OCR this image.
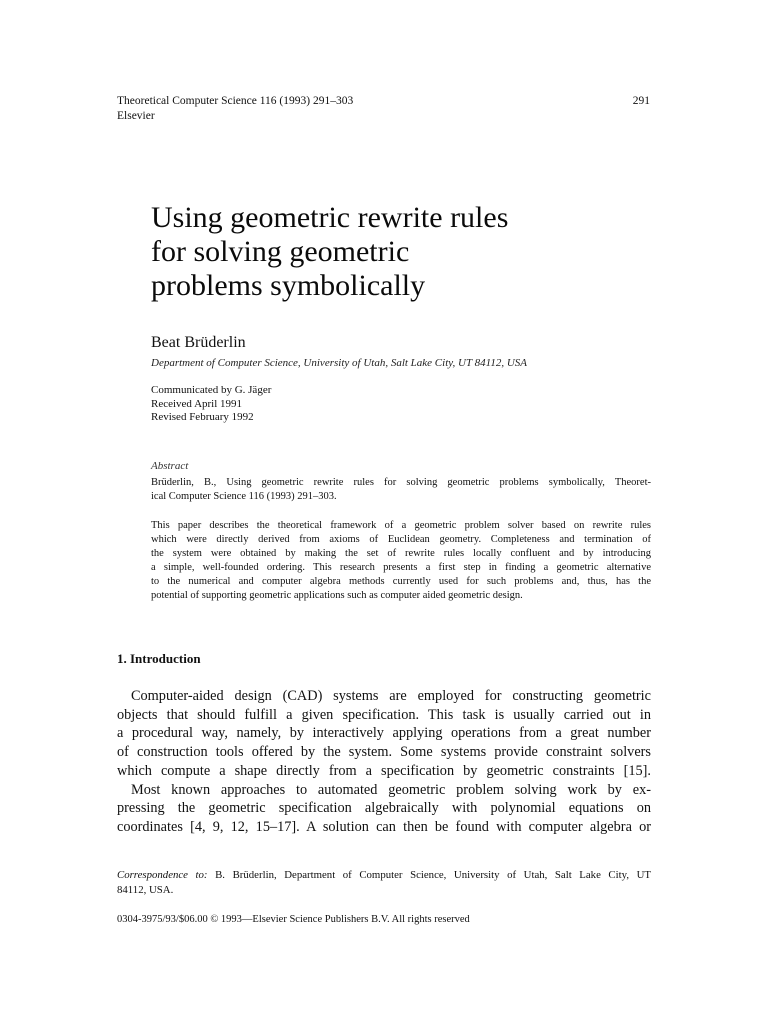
Theoretical Computer Science 116 (1993) 291–303
Elsevier
291
Using geometric rewrite rules
for solving geometric
problems symbolically
Beat Brüderlin
Department of Computer Science, University of Utah, Salt Lake City, UT 84112, USA
Communicated by G. Jäger
Received April 1991
Revised February 1992
Abstract
Brüderlin, B., Using geometric rewrite rules for solving geometric problems symbolically, Theoret-
ical Computer Science 116 (1993) 291–303.
This paper describes the theoretical framework of a geometric problem solver based on rewrite rules
which were directly derived from axioms of Euclidean geometry. Completeness and termination of
the system were obtained by making the set of rewrite rules locally confluent and by introducing
a simple, well-founded ordering. This research presents a first step in finding a geometric alternative
to the numerical and computer algebra methods currently used for such problems and, thus, has the
potential of supporting geometric applications such as computer aided geometric design.
1. Introduction
Computer-aided design (CAD) systems are employed for constructing geometric
objects that should fulfill a given specification. This task is usually carried out in
a procedural way, namely, by interactively applying operations from a great number
of construction tools offered by the system. Some systems provide constraint solvers
which compute a shape directly from a specification by geometric constraints [15].
Most known approaches to automated geometric problem solving work by ex-
pressing the geometric specification algebraically with polynomial equations on
coordinates [4, 9, 12, 15–17]. A solution can then be found with computer algebra or
Correspondence to: B. Brüderlin, Department of Computer Science, University of Utah, Salt Lake City, UT
84112, USA.
0304-3975/93/$06.00 © 1993—Elsevier Science Publishers B.V. All rights reserved
